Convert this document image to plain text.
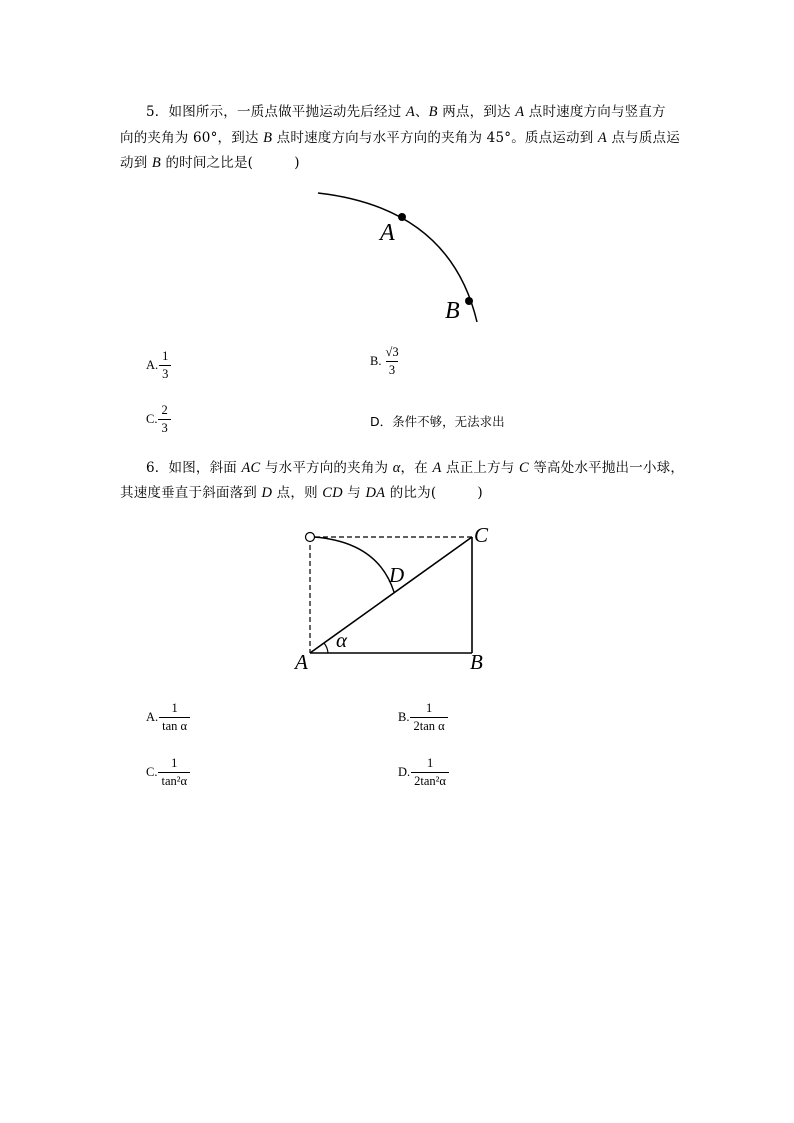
5．如图所示，一质点做平抛运动先后经过 A、B 两点，到达 A 点时速度方向与竖直方
向的夹角为 60°，到达 B 点时速度方向与水平方向的夹角为 45°。质点运动到 A 点与质点运
动到 B 的时间之比是(　　　)
A
B
A. $\frac{1}{3}$	B. $\frac{√3}{3}$
C. $\frac{2}{3}$	D． 条件不够，无法求出
6．如图，斜面 AC 与水平方向的夹角为 α，在 A 点正上方与 C 等高处水平抛出一小球，
其速度垂直于斜面落到 D 点，则 CD 与 DA 的比为(　　　)
C
D
α
A	B
A. $\frac{1}{\text{tan α}}$	B. $\frac{1}{\text{2tan α}}$
C. $\frac{1}{\text{tan²α}}$	D. $\frac{1}{\text{2tan²α}}$
